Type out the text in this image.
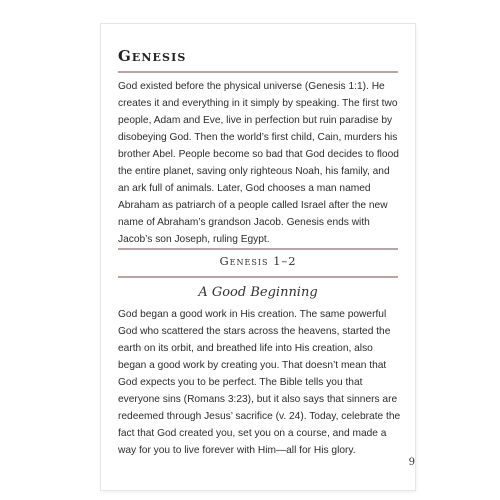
Genesis

God existed before the physical universe (Genesis 1:1). He creates it and everything in it simply by speaking. The first two people, Adam and Eve, live in perfection but ruin paradise by disobeying God. Then the world’s first child, Cain, murders his brother Abel. People become so bad that God decides to flood the entire planet, saving only righteous Noah, his family, and an ark full of animals. Later, God chooses a man named Abraham as patriarch of a people called Israel after the new name of Abraham’s grandson Jacob. Genesis ends with Jacob’s son Joseph, ruling Egypt.

Genesis 1–2

A Good Beginning

God began a good work in His creation. The same powerful God who scattered the stars across the heavens, started the earth on its orbit, and breathed life into His creation, also began a good work by creating you. That doesn’t mean that God expects you to be perfect. The Bible tells you that everyone sins (Romans 3:23), but it also says that sinners are redeemed through Jesus’ sacrifice (v. 24). Today, celebrate the fact that God created you, set you on a course, and made a way for you to live forever with Him—all for His glory.

9
